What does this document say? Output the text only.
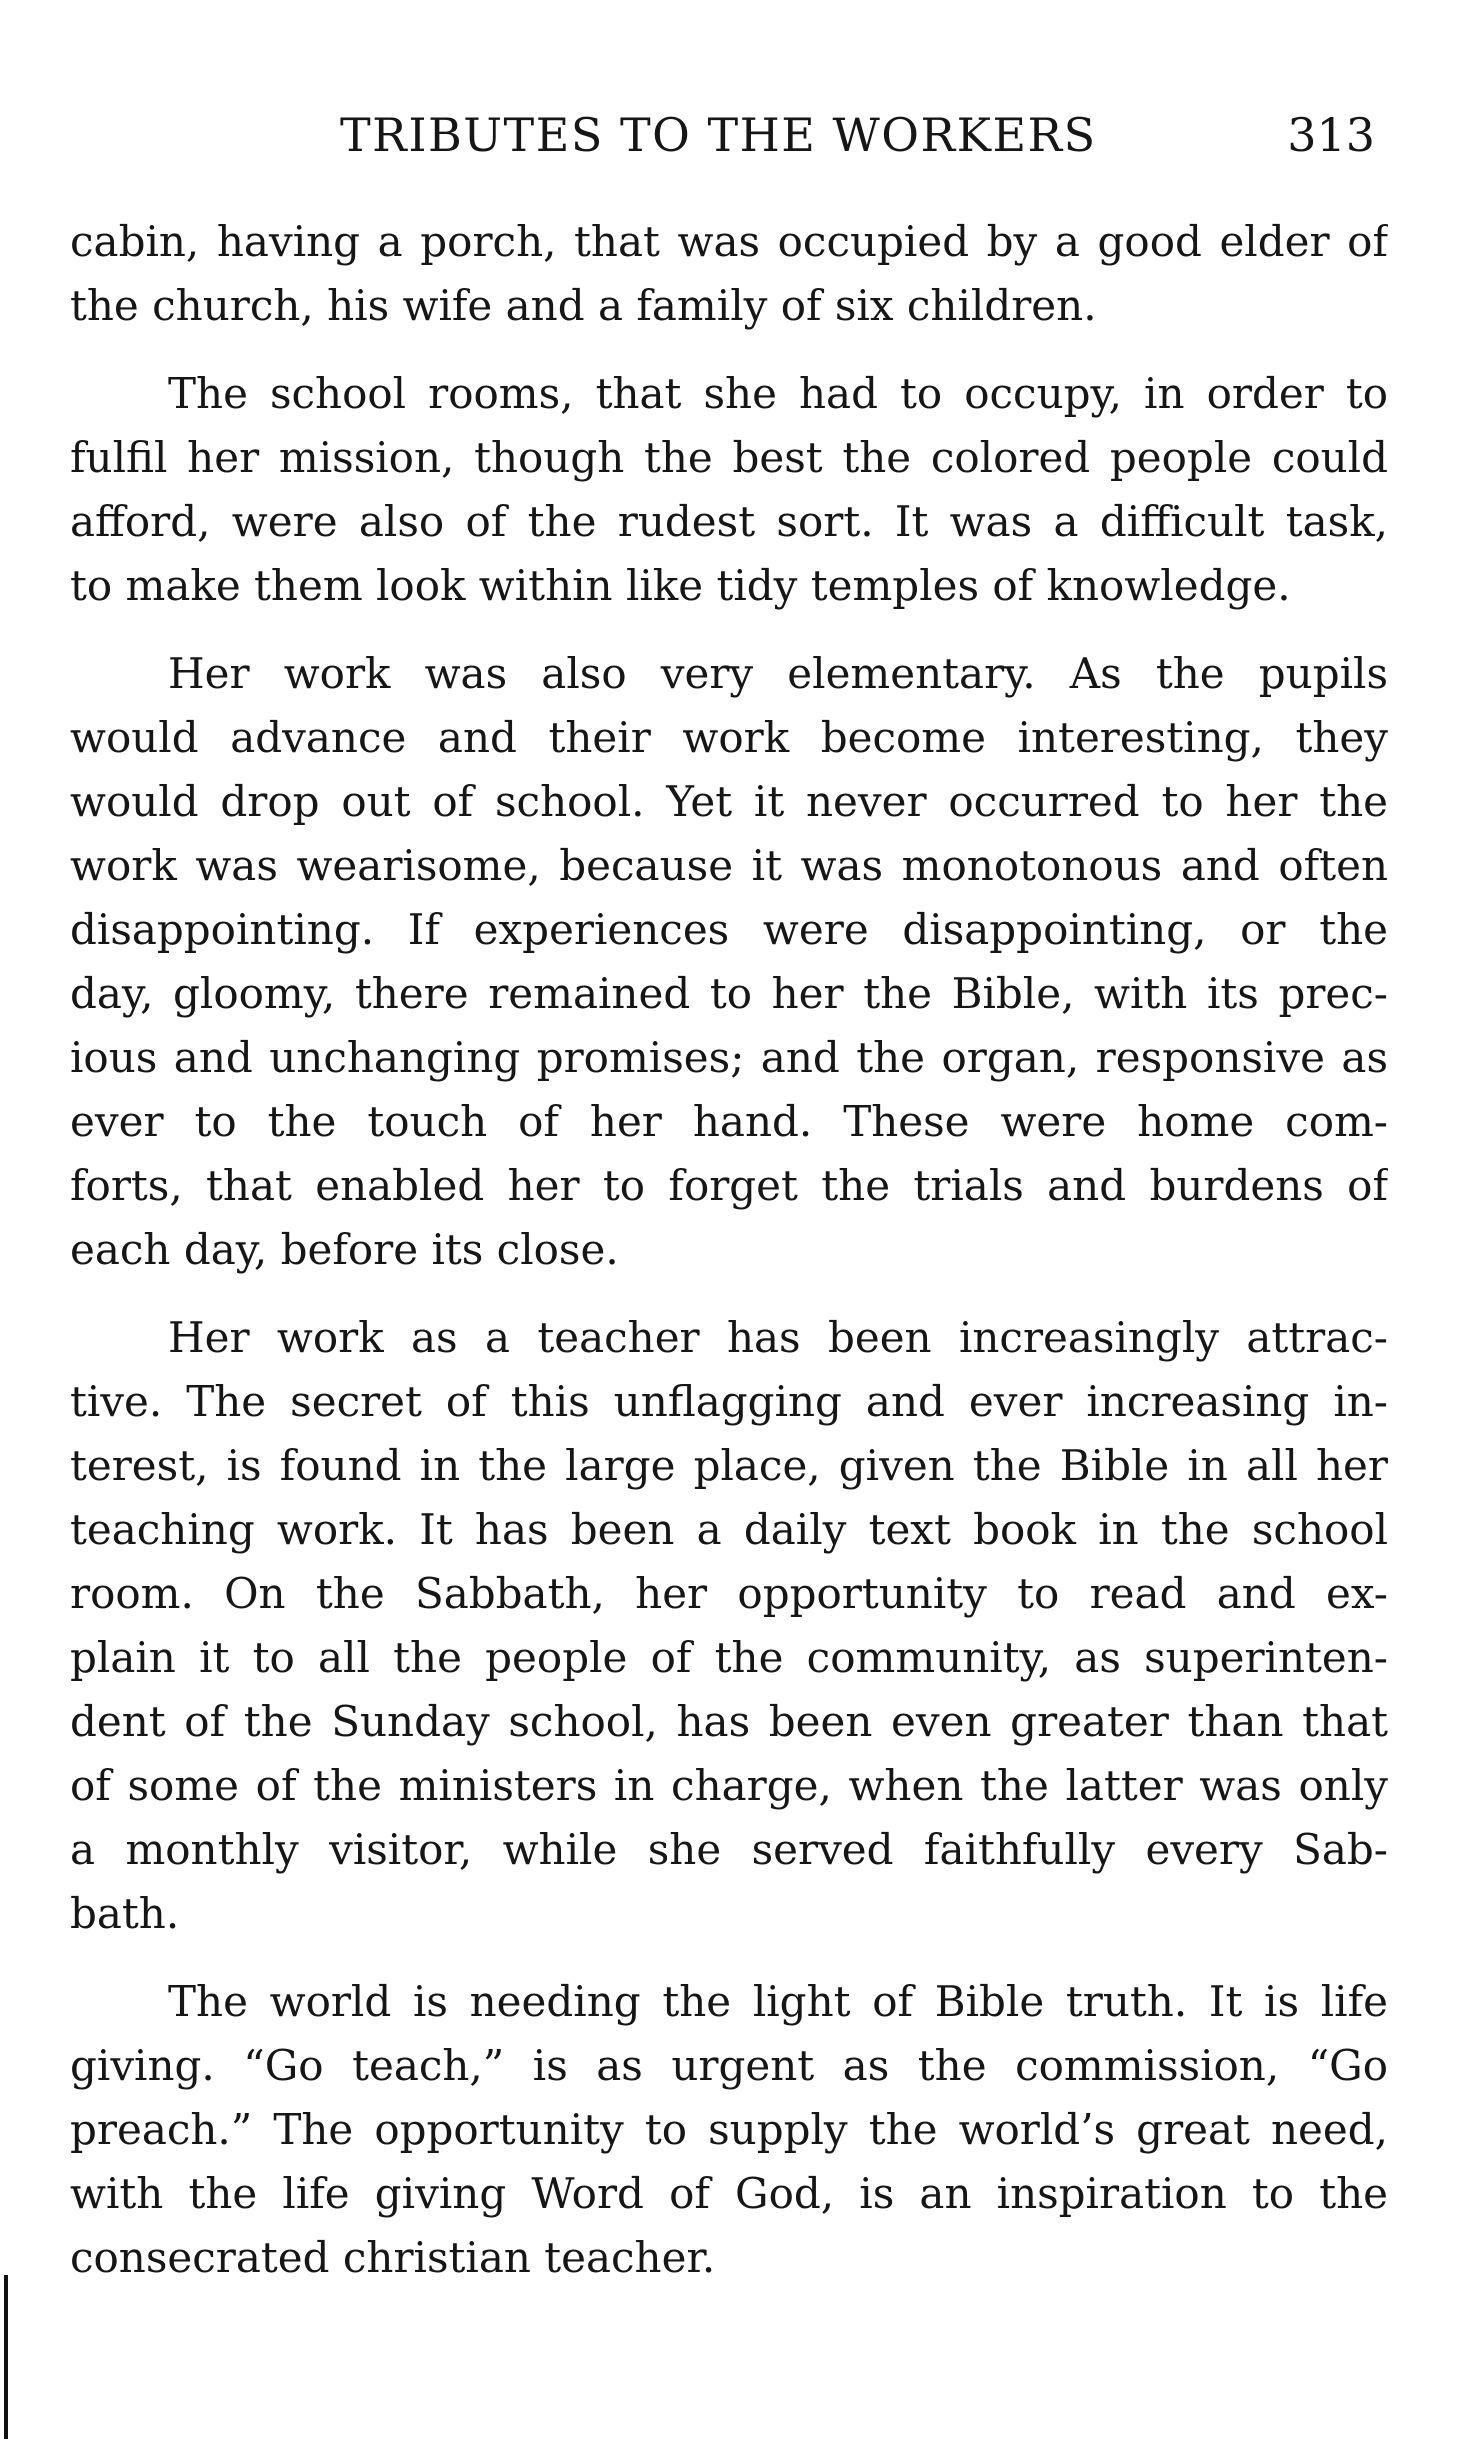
TRIBUTES TO THE WORKERS	313
cabin, having a porch, that was occupied by a good elder of
the church, his wife and a family of six children.
The school rooms, that she had to occupy, in order to
fulfil her mission, though the best the colored people could
afford, were also of the rudest sort. It was a difficult task,
to make them look within like tidy temples of knowledge.
Her work was also very elementary. As the pupils
would advance and their work become interesting, they
would drop out of school. Yet it never occurred to her the
work was wearisome, because it was monotonous and often
disappointing. If experiences were disappointing, or the
day, gloomy, there remained to her the Bible, with its prec-
ious and unchanging promises; and the organ, responsive as
ever to the touch of her hand. These were home com-
forts, that enabled her to forget the trials and burdens of
each day, before its close.
Her work as a teacher has been increasingly attrac-
tive. The secret of this unflagging and ever increasing in-
terest, is found in the large place, given the Bible in all her
teaching work. It has been a daily text book in the school
room. On the Sabbath, her opportunity to read and ex-
plain it to all the people of the community, as superinten-
dent of the Sunday school, has been even greater than that
of some of the ministers in charge, when the latter was only
a monthly visitor, while she served faithfully every Sab-
bath.
The world is needing the light of Bible truth. It is life
giving. “Go teach,” is as urgent as the commission, “Go
preach.” The opportunity to supply the world’s great need,
with the life giving Word of God, is an inspiration to the
consecrated christian teacher.
